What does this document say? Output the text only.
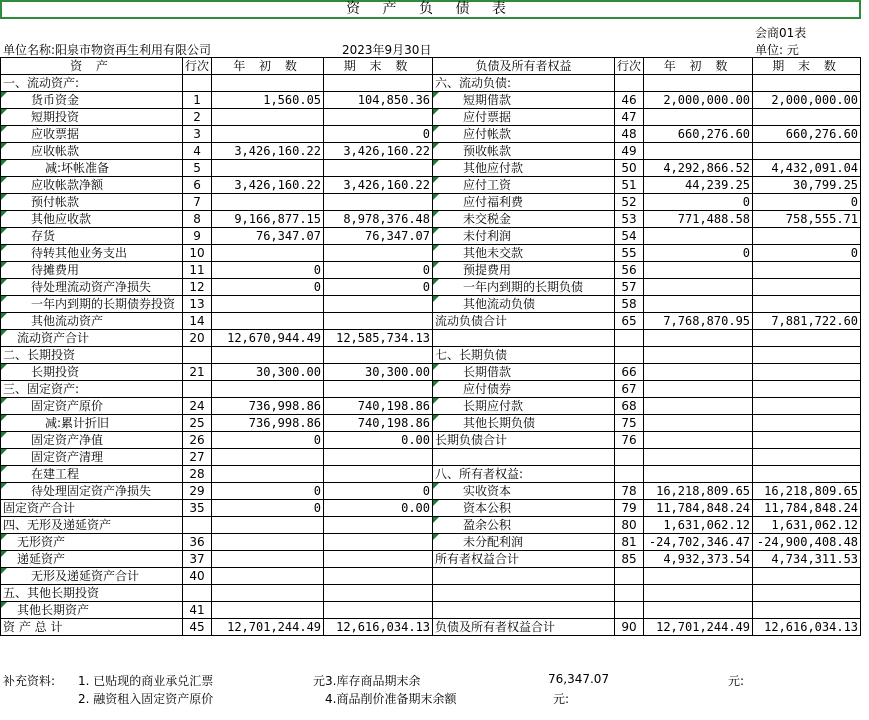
资 产 负 债 表
会商01表
单位名称:阳泉市物资再生利用有限公司	2023年9月30日	单位: 元
资 产	行次	年 初 数	期 末 数	负债及所有者权益	行次	年 初 数	期 末 数
一、流动资产:				六、流动负债:			
货币资金	1	1,560.05	104,850.36	短期借款	46	2,000,000.00	2,000,000.00
短期投资	2			应付票据	47		
应收票据	3		0	应付帐款	48	660,276.60	660,276.60
应收帐款	4	3,426,160.22	3,426,160.22	预收帐款	49		
减:坏帐准备	5			其他应付款	50	4,292,866.52	4,432,091.04
应收帐款净额	6	3,426,160.22	3,426,160.22	应付工资	51	44,239.25	30,799.25
预付帐款	7			应付福利费	52	0	0
其他应收款	8	9,166,877.15	8,978,376.48	未交税金	53	771,488.58	758,555.71
存货	9	76,347.07	76,347.07	未付利润	54		
待转其他业务支出	10			其他未交款	55	0	0
待摊费用	11	0	0	预提费用	56		
待处理流动资产净损失	12	0	0	一年内到期的长期负债	57		
一年内到期的长期债券投资	13			其他流动负债	58		
其他流动资产	14			流动负债合计	65	7,768,870.95	7,881,722.60
流动资产合计	20	12,670,944.49	12,585,734.13				
二、长期投资				七、长期负债			
长期投资	21	30,300.00	30,300.00	长期借款	66		
三、固定资产:				应付债券	67		
固定资产原价	24	736,998.86	740,198.86	长期应付款	68		
减:累计折旧	25	736,998.86	740,198.86	其他长期负债	75		
固定资产净值	26	0	0.00	长期负债合计	76		
固定资产清理	27						
在建工程	28			八、所有者权益:			
待处理固定资产净损失	29	0	0	实收资本	78	16,218,809.65	16,218,809.65
固定资产合计	35	0	0.00	资本公积	79	11,784,848.24	11,784,848.24
四、无形及递延资产				盈余公积	80	1,631,062.12	1,631,062.12
无形资产	36			未分配利润	81	-24,702,346.47	-24,900,408.48
递延资产	37			所有者权益合计	85	4,932,373.54	4,734,311.53
无形及递延资产合计	40						
五、其他长期投资							
其他长期资产	41						
资 产 总 计	45	12,701,244.49	12,616,034.13	负债及所有者权益合计	90	12,701,244.49	12,616,034.13
补充资料: 1. 已贴现的商业承兑汇票	元 3.库存商品期末余	76,347.07	元:
2. 融资租入固定资产原价	4.商品削价准备期末余额	元:
